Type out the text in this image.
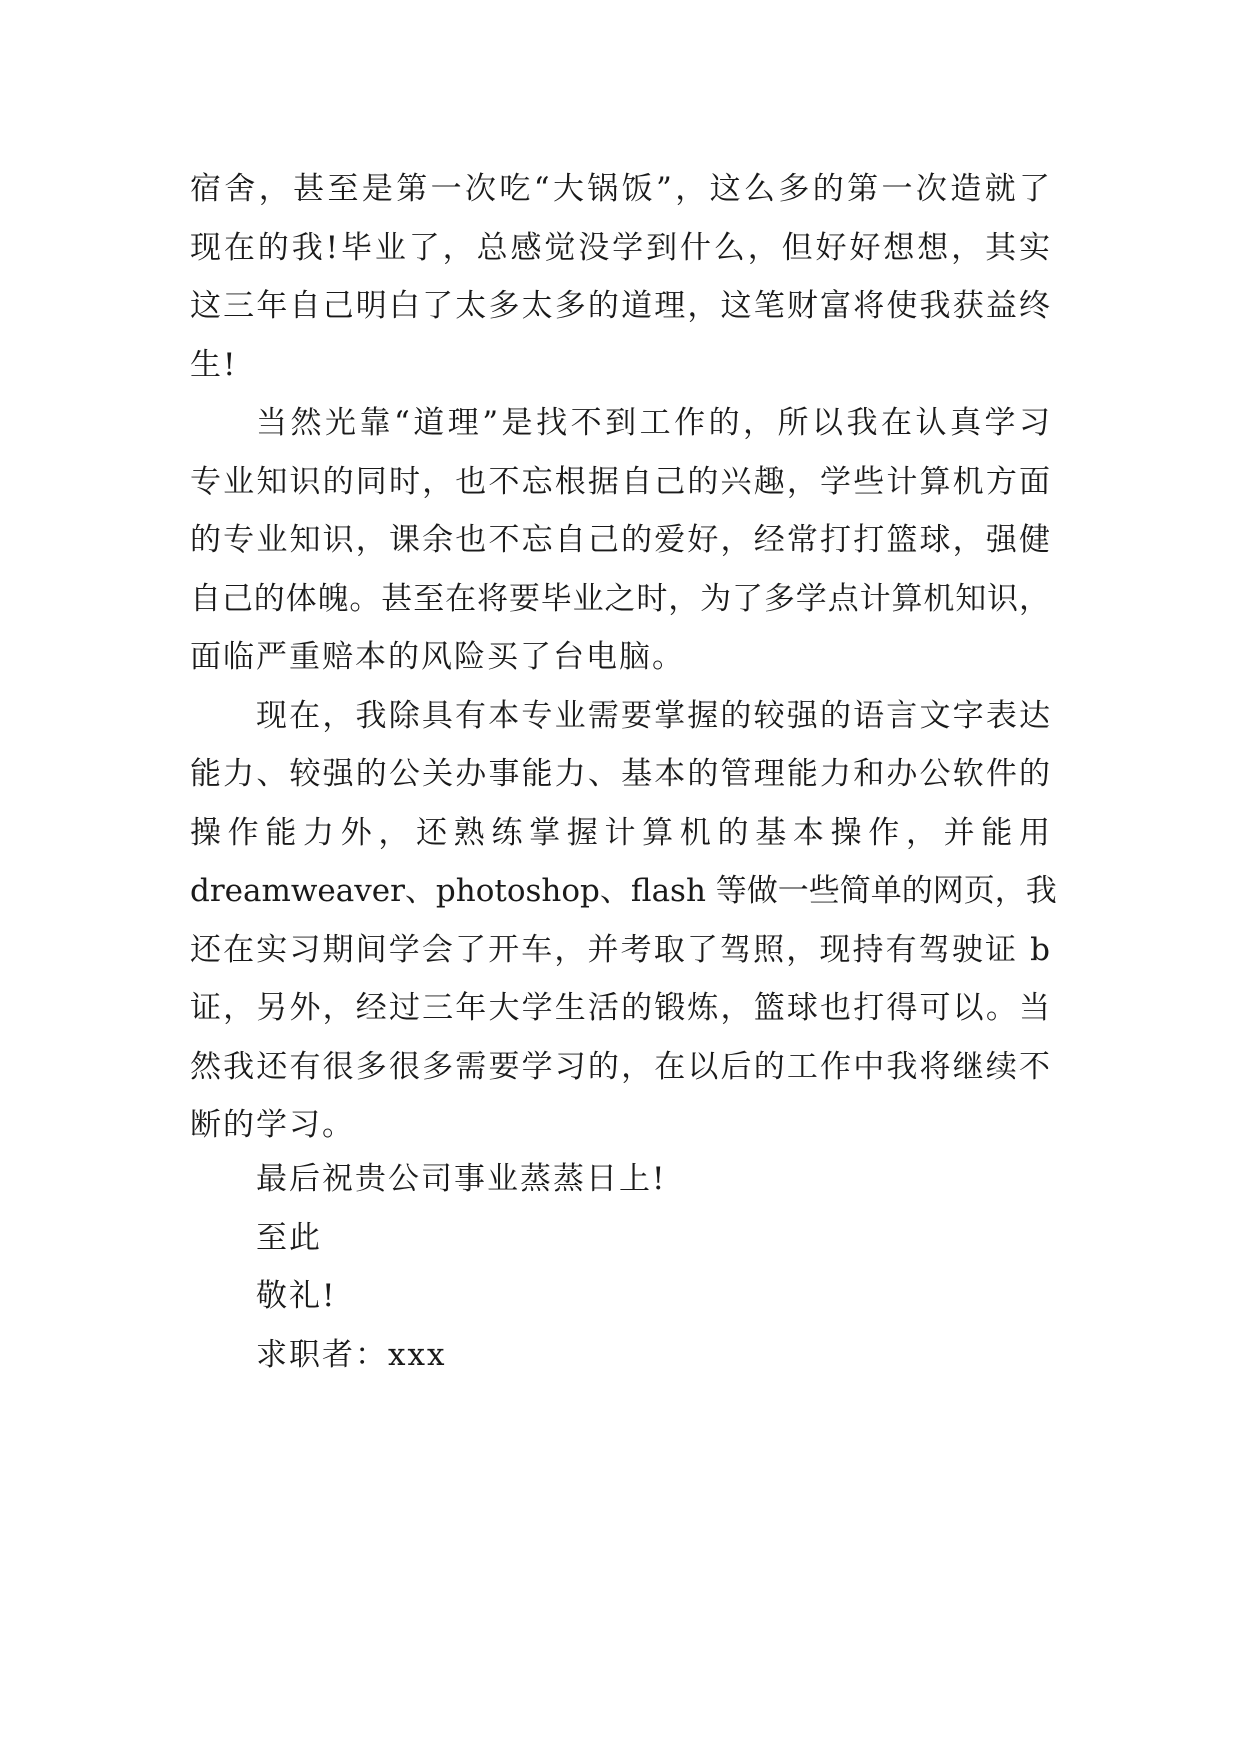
宿舍，甚至是第一次吃“大锅饭”，这么多的第一次造就了
现在的我!毕业了，总感觉没学到什么，但好好想想，其实
这三年自己明白了太多太多的道理，这笔财富将使我获益终
生!
当然光靠“道理”是找不到工作的，所以我在认真学习
专业知识的同时，也不忘根据自己的兴趣，学些计算机方面
的专业知识，课余也不忘自己的爱好，经常打打篮球，强健
自己的体魄。甚至在将要毕业之时，为了多学点计算机知识，
面临严重赔本的风险买了台电脑。
现在，我除具有本专业需要掌握的较强的语言文字表达
能力、较强的公关办事能力、基本的管理能力和办公软件的
操作能力外，还熟练掌握计算机的基本操作，并能用
dreamweaver、photoshop、flash 等做一些简单的网页，我
还在实习期间学会了开车，并考取了驾照，现持有驾驶证 b
证，另外，经过三年大学生活的锻炼，篮球也打得可以。当
然我还有很多很多需要学习的，在以后的工作中我将继续不
断的学习。
最后祝贵公司事业蒸蒸日上!
至此
敬礼!
求职者：xxx
